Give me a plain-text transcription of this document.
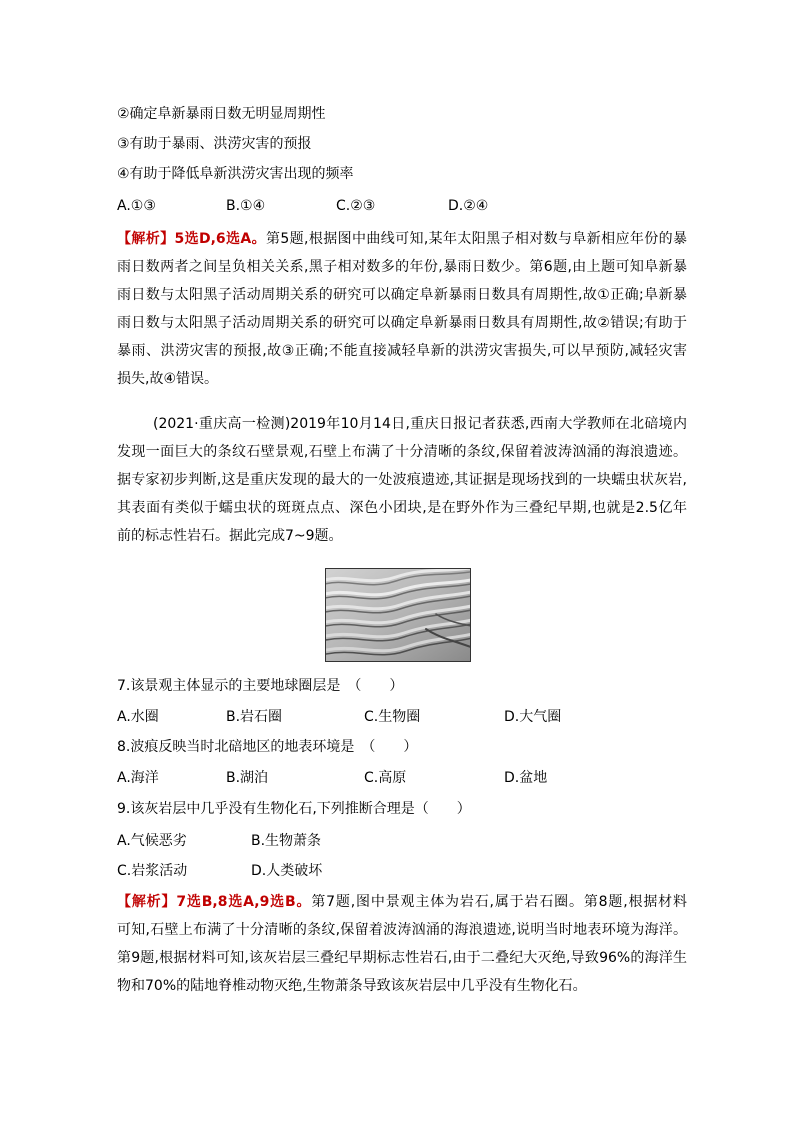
②确定阜新暴雨日数无明显周期性
③有助于暴雨、洪涝灾害的预报
④有助于降低阜新洪涝灾害出现的频率
A.①③	B.①④	C.②③	D.②④

【解析】5选D,6选A。第5题,根据图中曲线可知,某年太阳黑子相对数与阜新相应年份的暴

雨日数两者之间呈负相关关系,黑子相对数多的年份,暴雨日数少。第6题,由上题可知阜新暴

雨日数与太阳黑子活动周期关系的研究可以确定阜新暴雨日数具有周期性,故①正确;阜新暴

雨日数与太阳黑子活动周期关系的研究可以确定阜新暴雨日数具有周期性,故②错误;有助于

暴雨、洪涝灾害的预报,故③正确;不能直接减轻阜新的洪涝灾害损失,可以早预防,减轻灾害

损失,故④错误。

(2021·重庆高一检测)2019年10月14日,重庆日报记者获悉,西南大学教师在北碚境内

发现一面巨大的条纹石壁景观,石壁上布满了十分清晰的条纹,保留着波涛汹涌的海浪遗迹。

据专家初步判断,这是重庆发现的最大的一处波痕遗迹,其证据是现场找到的一块蠕虫状灰岩,

其表面有类似于蠕虫状的斑斑点点、深色小团块,是在野外作为三叠纪早期,也就是2.5亿年

前的标志性岩石。据此完成7~9题。

7.该景观主体显示的主要地球圈层是　（　　）
A.水圈	B.岩石圈	C.生物圈	D.大气圈
8.波痕反映当时北碚地区的地表环境是　（　　）
A.海洋	B.湖泊	C.高原	D.盆地
9.该灰岩层中几乎没有生物化石,下列推断合理是（　　）
A.气候恶劣	B.生物萧条
C.岩浆活动	D.人类破坏

【解析】7选B,8选A,9选B。第7题,图中景观主体为岩石,属于岩石圈。第8题,根据材料

可知,石壁上布满了十分清晰的条纹,保留着波涛汹涌的海浪遗迹,说明当时地表环境为海洋。

第9题,根据材料可知,该灰岩层三叠纪早期标志性岩石,由于二叠纪大灭绝,导致96%的海洋生

物和70%的陆地脊椎动物灭绝,生物萧条导致该灰岩层中几乎没有生物化石。
